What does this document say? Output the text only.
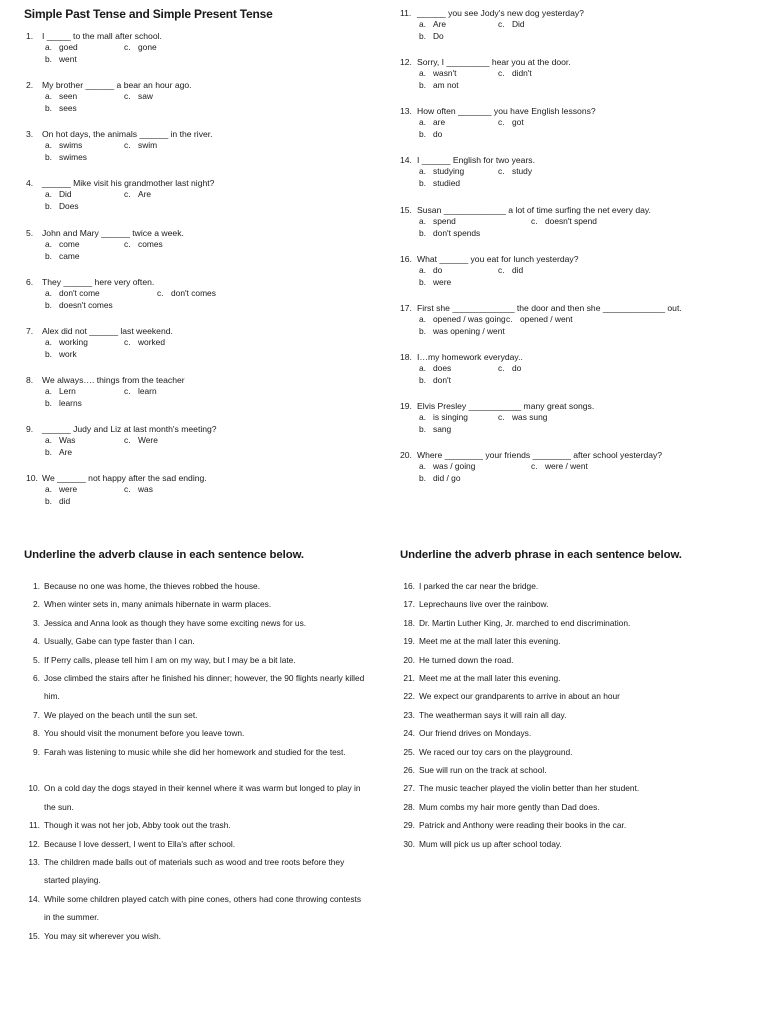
Simple Past Tense and Simple Present Tense
1. I _____ to the mall after school.
a. goed	c. gone
b. went
2. My brother ______ a bear an hour ago.
a. seen	c. saw
b. sees
3. On hot days, the animals ______ in the river.
a. swims	c. swim
b. swimes
4. ______ Mike visit his grandmother last night?
a. Did	c. Are
b. Does
5. John and Mary ______ twice a week.
a. come	c. comes
b. came
6. They ______ here very often.
a. don't come	c. don't comes
b. doesn't comes
7. Alex did not ______ last weekend.
a. working	c. worked
b. work
8. We always…. things from the teacher
a. Lern	c. learn
b. learns
9. ______ Judy and Liz at last month's meeting?
a. Was	c. Were
b. Are
10. We ______ not happy after the sad ending.
a. were	c. was
b. did
11. ______ you see Jody's new dog yesterday?
a. Are	c. Did
b. Do
12. Sorry, I _________ hear you at the door.
a. wasn't	c. didn't
b. am not
13. How often _______ you have English lessons?
a. are	c. got
b. do
14. I ______ English for two years.
a. studying	c. study
b. studied
15. Susan _____________ a lot of time surfing the net every day.
a. spend	c. doesn't spend
b. don't spends
16. What ______ you eat for lunch yesterday?
a. do	c. did
b. were
17. First she _____________ the door and then she _____________ out.
a. opened / was going c. opened / went
b. was opening / went
18. I…my homework everyday..
a. does	c. do
b. don't
19. Elvis Presley ___________ many great songs.
a. is singing	c. was sung
b. sang
20. Where ________ your friends ________ after school yesterday?
a. was / going	c. were / went
b. did / go
Underline the adverb clause in each sentence below.
1. Because no one was home, the thieves robbed the house.
2. When winter sets in, many animals hibernate in warm places.
3. Jessica and Anna look as though they have some exciting news for us.
4. Usually, Gabe can type faster than I can.
5. If Perry calls, please tell him I am on my way, but I may be a bit late.
6. Jose climbed the stairs after he finished his dinner; however, the 90 flights nearly killed him.
7. We played on the beach until the sun set.
8. You should visit the monument before you leave town.
9. Farah was listening to music while she did her homework and studied for the test.
10. On a cold day the dogs stayed in their kennel where it was warm but longed to play in the sun.
11. Though it was not her job, Abby took out the trash.
12. Because I love dessert, I went to Ella's after school.
13. The children made balls out of materials such as wood and tree roots before they started playing.
14. While some children played catch with pine cones, others had cone throwing contests in the summer.
15. You may sit wherever you wish.
Underline the adverb phrase in each sentence below.
16. I parked the car near the bridge.
17. Leprechauns live over the rainbow.
18. Dr. Martin Luther King, Jr. marched to end discrimination.
19. Meet me at the mall later this evening.
20. He turned down the road.
21. Meet me at the mall later this evening.
22. We expect our grandparents to arrive in about an hour
23. The weatherman says it will rain all day.
24. Our friend drives on Mondays.
25. We raced our toy cars on the playground.
26. Sue will run on the track at school.
27. The music teacher played the violin better than her student.
28. Mum combs my hair more gently than Dad does.
29. Patrick and Anthony were reading their books in the car.
30. Mum will pick us up after school today.
